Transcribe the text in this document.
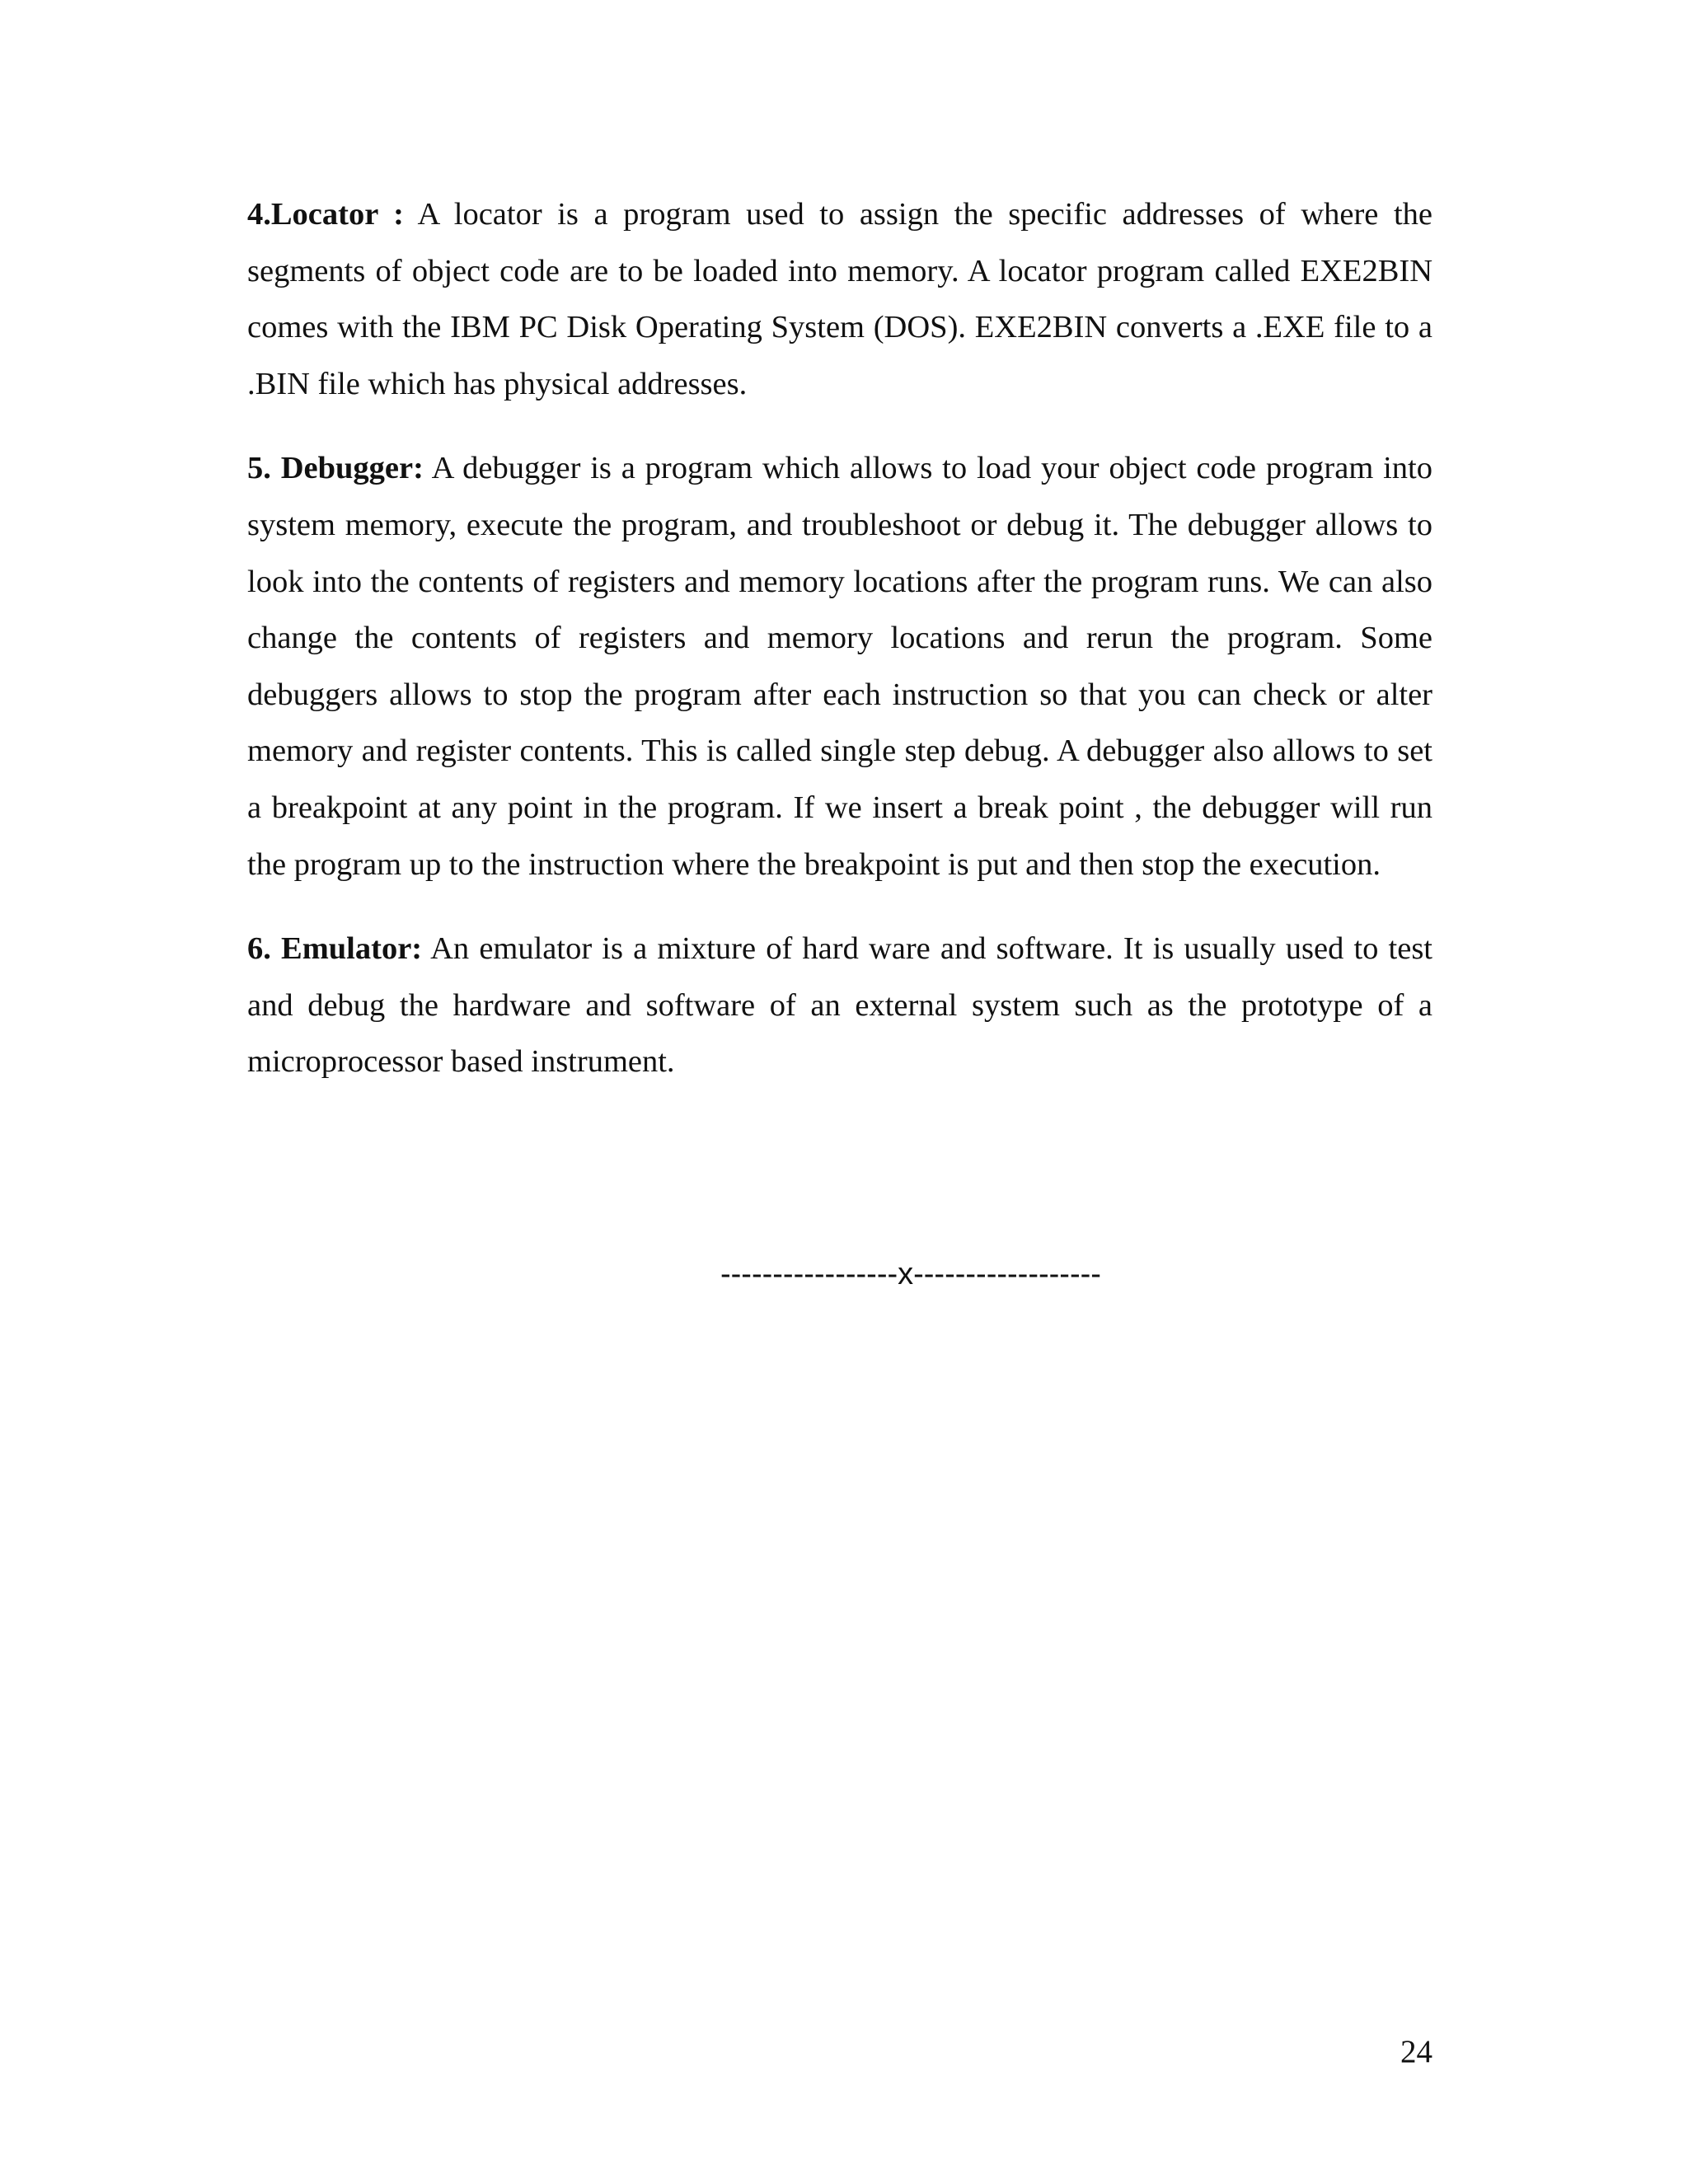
4.Locator : A locator is a program used to assign the specific addresses of where the segments of object code are to be loaded into memory. A locator program called EXE2BIN comes with the IBM PC Disk Operating System (DOS). EXE2BIN converts a .EXE file to a .BIN file which has physical addresses.

5. Debugger: A debugger is a program which allows to load your object code program into system memory, execute the program, and troubleshoot or debug it. The debugger allows to look into the contents of registers and memory locations after the program runs. We can also change the contents of registers and memory locations and rerun the program. Some debuggers allows to stop the program after each instruction so that you can check or alter memory and register contents. This is called single step debug. A debugger also allows to set a breakpoint at any point in the program. If we insert a break point , the debugger will run the program up to the instruction where the breakpoint is put and then stop the execution.

6. Emulator: An emulator is a mixture of hard ware and software. It is usually used to test and debug the hardware and software of an external system such as the prototype of a microprocessor based instrument.

-----------------x------------------
24
